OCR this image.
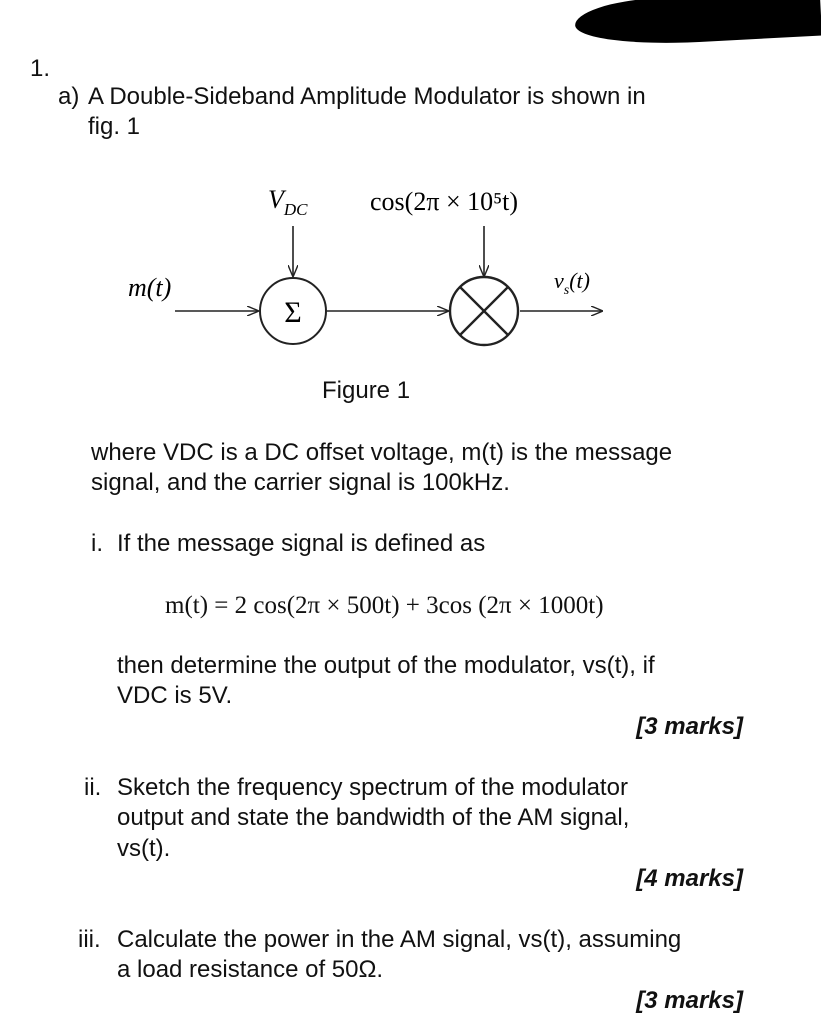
1.
a) A Double-Sideband Amplitude Modulator is shown in
fig. 1
$V_{DC}$ cos(2π × 10⁵t)
m(t)	$v_s(t)$
Σ
Figure 1
where VDC is a DC offset voltage, m(t) is the message
signal, and the carrier signal is 100kHz.
i. If the message signal is defined as
m(t) = 2 cos(2π × 500t) + 3cos (2π × 1000t)
then determine the output of the modulator, vs(t), if
VDC is 5V.
[3 marks]
ii. Sketch the frequency spectrum of the modulator
output and state the bandwidth of the AM signal,
vs(t).
[4 marks]
iii. Calculate the power in the AM signal, vs(t), assuming
a load resistance of 50Ω.
[3 marks]
